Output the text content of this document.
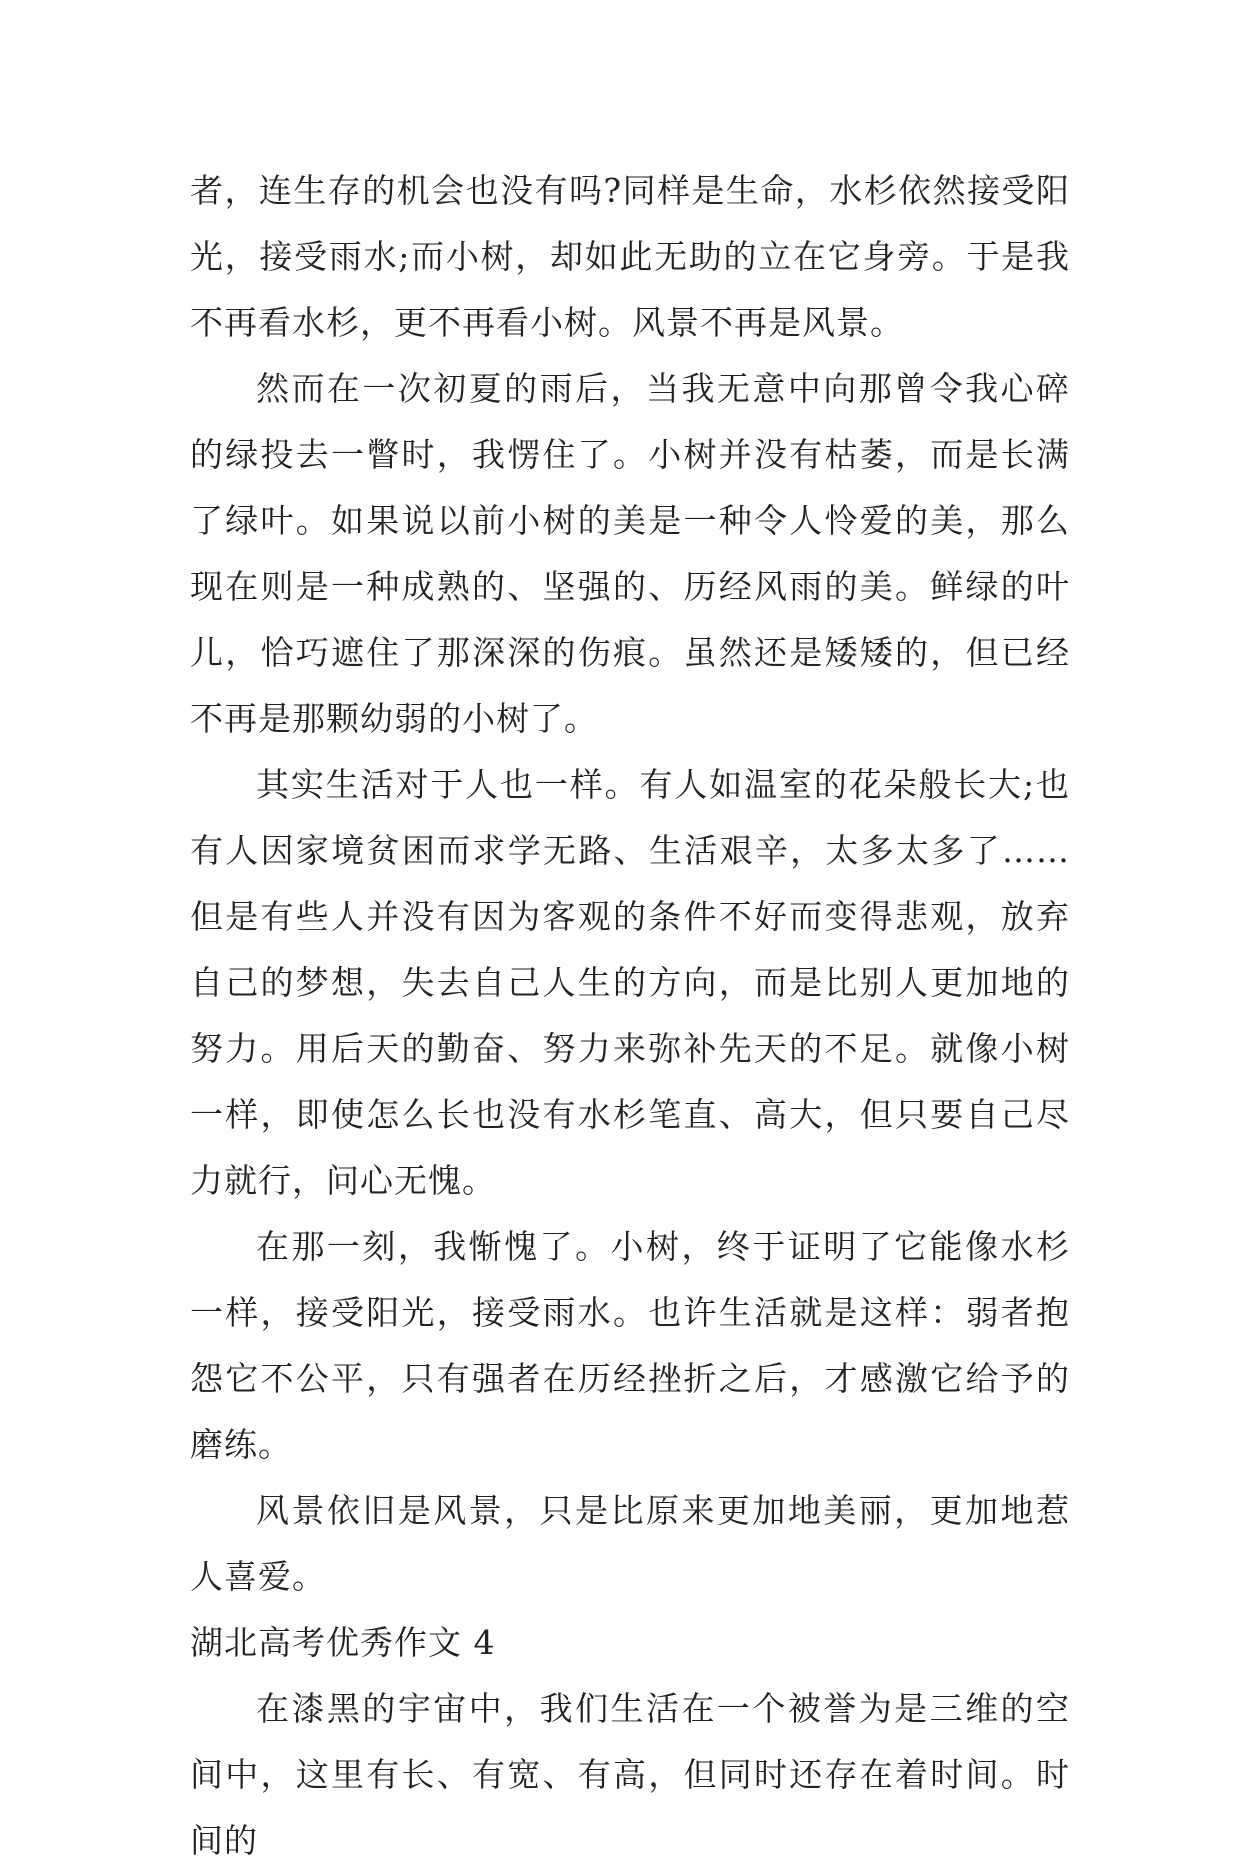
者，连生存的机会也没有吗?同样是生命，水杉依然接受阳光，接受雨水;而小树，却如此无助的立在它身旁。于是我不再看水杉，更不再看小树。风景不再是风景。

然而在一次初夏的雨后，当我无意中向那曾令我心碎的绿投去一瞥时，我愣住了。小树并没有枯萎，而是长满了绿叶。如果说以前小树的美是一种令人怜爱的美，那么现在则是一种成熟的、坚强的、历经风雨的美。鲜绿的叶儿，恰巧遮住了那深深的伤痕。虽然还是矮矮的，但已经不再是那颗幼弱的小树了。

其实生活对于人也一样。有人如温室的花朵般长大;也有人因家境贫困而求学无路、生活艰辛，太多太多了……但是有些人并没有因为客观的条件不好而变得悲观，放弃自己的梦想，失去自己人生的方向，而是比别人更加地的努力。用后天的勤奋、努力来弥补先天的不足。就像小树一样，即使怎么长也没有水杉笔直、高大，但只要自己尽力就行，问心无愧。

在那一刻，我惭愧了。小树，终于证明了它能像水杉一样，接受阳光，接受雨水。也许生活就是这样：弱者抱怨它不公平，只有强者在历经挫折之后，才感激它给予的磨练。

风景依旧是风景，只是比原来更加地美丽，更加地惹人喜爱。

湖北高考优秀作文 4

在漆黑的宇宙中，我们生活在一个被誉为是三维的空间中，这里有长、有宽、有高，但同时还存在着时间。时间的
